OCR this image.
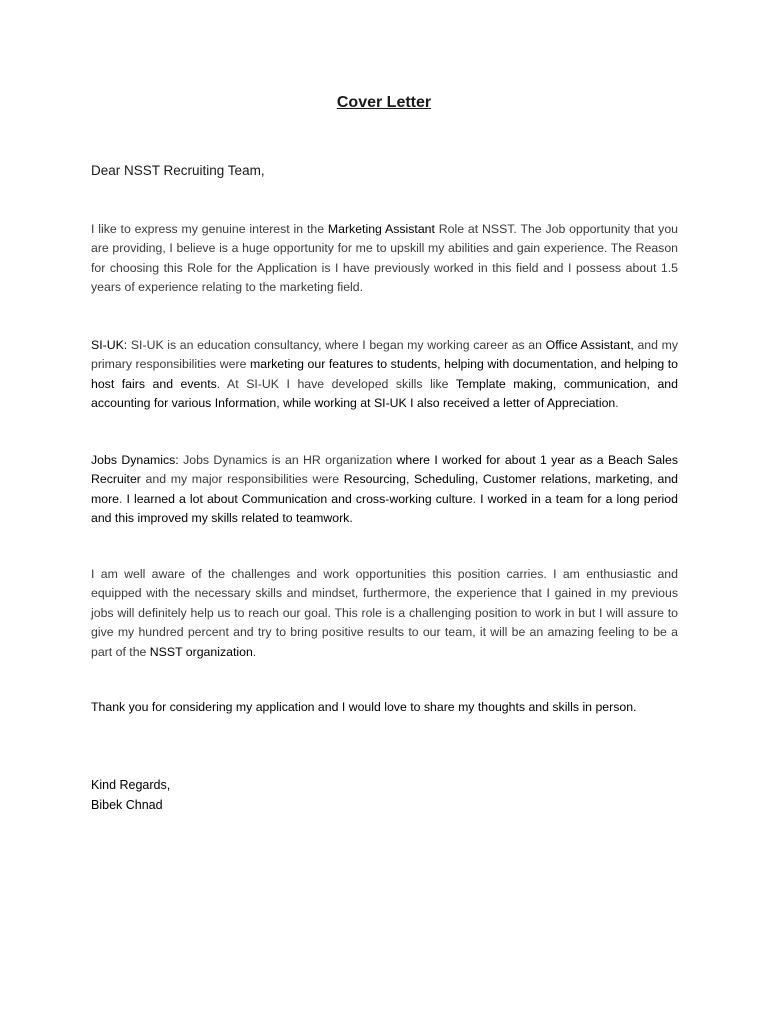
Cover Letter

Dear NSST Recruiting Team,

I like to express my genuine interest in the Marketing Assistant Role at NSST. The Job opportunity that you are providing, I believe is a huge opportunity for me to upskill my abilities and gain experience. The Reason for choosing this Role for the Application is I have previously worked in this field and I possess about 1.5 years of experience relating to the marketing field.

SI-UK: SI-UK is an education consultancy, where I began my working career as an Office Assistant, and my primary responsibilities were marketing our features to students, helping with documentation, and helping to host fairs and events. At SI-UK I have developed skills like Template making, communication, and accounting for various Information, while working at SI-UK I also received a letter of Appreciation.

Jobs Dynamics: Jobs Dynamics is an HR organization where I worked for about 1 year as a Beach Sales Recruiter and my major responsibilities were Resourcing, Scheduling, Customer relations, marketing, and more. I learned a lot about Communication and cross-working culture. I worked in a team for a long period and this improved my skills related to teamwork.

I am well aware of the challenges and work opportunities this position carries. I am enthusiastic and equipped with the necessary skills and mindset, furthermore, the experience that I gained in my previous jobs will definitely help us to reach our goal. This role is a challenging position to work in but I will assure to give my hundred percent and try to bring positive results to our team, it will be an amazing feeling to be a part of the NSST organization.

Thank you for considering my application and I would love to share my thoughts and skills in person.

Kind Regards,
Bibek Chnad
